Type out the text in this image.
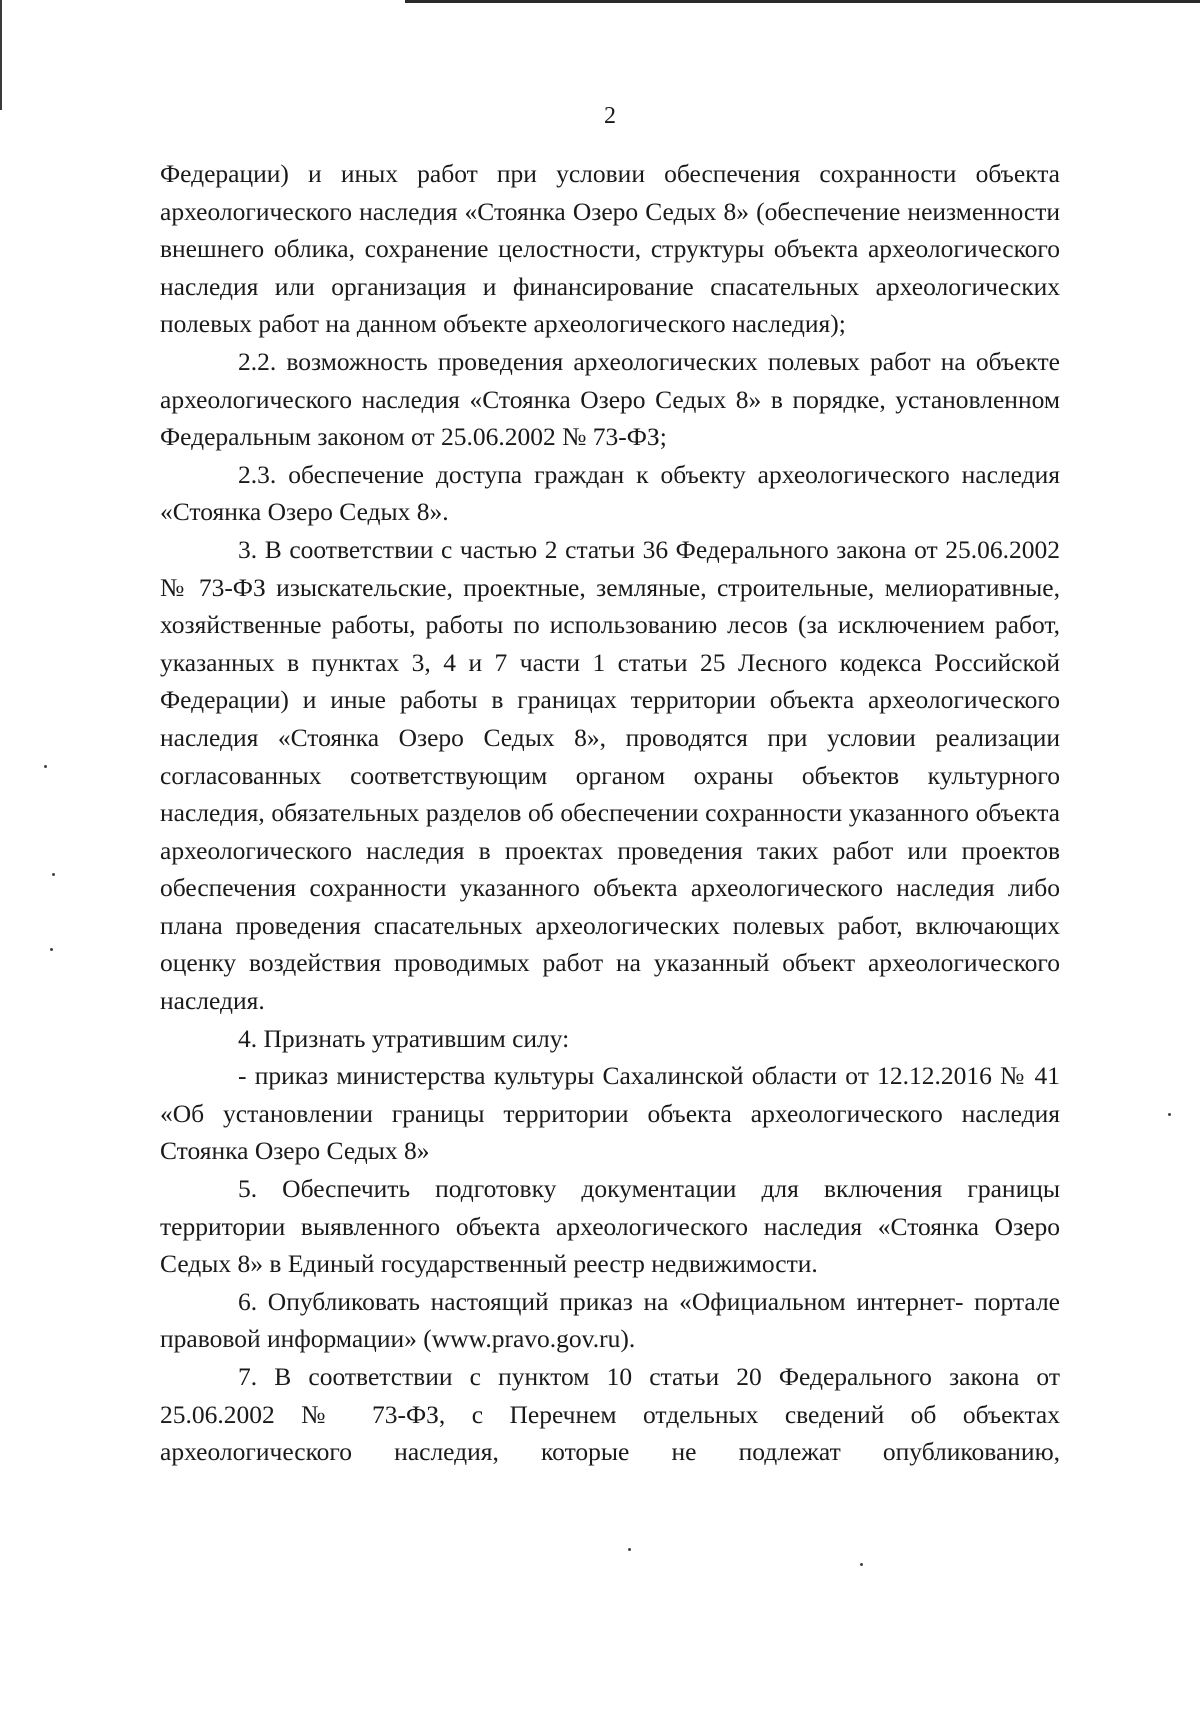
2

Федерации) и иных работ при условии обеспечения сохранности объекта археологического наследия «Стоянка Озеро Седых 8» (обеспечение неизменности внешнего облика, сохранение целостности, структуры объекта археологического наследия или организация и финансирование спасательных археологических полевых работ на данном объекте археологического наследия);

2.2. возможность проведения археологических полевых работ на объекте археологического наследия «Стоянка Озеро Седых 8» в порядке, установленном Федеральным законом от 25.06.2002 № 73-ФЗ;

2.3. обеспечение доступа граждан к объекту археологического наследия «Стоянка Озеро Седых 8».

3. В соответствии с частью 2 статьи 36 Федерального закона от 25.06.2002 № 73-ФЗ изыскательские, проектные, земляные, строительные, мелиоративные, хозяйственные работы, работы по использованию лесов (за исключением работ, указанных в пунктах 3, 4 и 7 части 1 статьи 25 Лесного кодекса Российской Федерации) и иные работы в границах территории объекта археологического наследия «Стоянка Озеро Седых 8», проводятся при условии реализации согласованных соответствующим органом охраны объектов культурного наследия, обязательных разделов об обеспечении сохранности указанного объекта археологического наследия в проектах проведения таких работ или проектов обеспечения сохранности указанного объекта археологического наследия либо плана проведения спасательных археологических полевых работ, включающих оценку воздействия проводимых работ на указанный объект археологического наследия.

4. Признать утратившим силу:

- приказ министерства культуры Сахалинской области от 12.12.2016 № 41 «Об установлении границы территории объекта археологического наследия Стоянка Озеро Седых 8»

5. Обеспечить подготовку документации для включения границы территории выявленного объекта археологического наследия «Стоянка Озеро Седых 8» в Единый государственный реестр недвижимости.

6. Опубликовать настоящий приказ на «Официальном интернет- портале правовой информации» (www.pravo.gov.ru).

7. В соответствии с пунктом 10 статьи 20 Федерального закона от 25.06.2002 № 73-ФЗ, с Перечнем отдельных сведений об объектах археологического наследия, которые не подлежат опубликованию,
